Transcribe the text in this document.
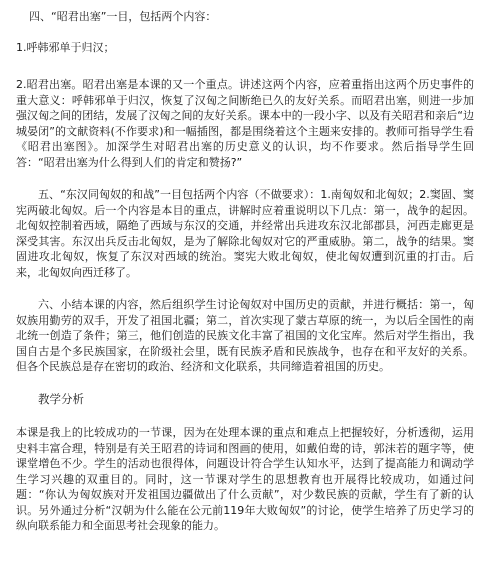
四、“昭君出塞”一目，包括两个内容：

1.呼韩邪单于归汉；

2.昭君出塞。昭君出塞是本课的又一个重点。讲述这两个内容，应着重指出这两个历史事件的重大意义：呼韩邪单于归汉，恢复了汉匈之间断绝已久的友好关系。而昭君出塞，则进一步加强汉匈之间的团结，发展了汉匈之间的友好关系。课本中的一段小字、以及有关昭君和亲后“边城晏闭”的文献资料(不作要求)和一幅插图，都是围绕着这个主题来安排的。教师可指导学生看《昭君出塞图》。加深学生对昭君出塞的历史意义的认识，均不作要求。然后指导学生回答：“昭君出塞为什么得到人们的肯定和赞扬?”

五、“东汉同匈奴的和战”一目包括两个内容（不做要求）：1.南匈奴和北匈奴；2.窦固、窦宪两破北匈奴。后一个内容是本目的重点，讲解时应着重说明以下几点：第一，战争的起因。北匈奴控制着西域，隔绝了西域与东汉的交通，并经常出兵进攻东汉北部郡县，河西走廊更是深受其害。东汉出兵反击北匈奴，是为了解除北匈奴对它的严重威胁。第二，战争的结果。窦固进攻北匈奴，恢复了东汉对西域的统治。窦宪大败北匈奴，使北匈奴遭到沉重的打击。后来，北匈奴向西迁移了。

六、小结本课的内容，然后组织学生讨论匈奴对中国历史的贡献，并进行概括：第一，匈奴族用勤劳的双手，开发了祖国北疆；第二，首次实现了蒙古草原的统一，为以后全国性的南北统一创造了条件；第三，他们创造的民族文化丰富了祖国的文化宝库。然后对学生指出，我国自古是个多民族国家，在阶级社会里，既有民族矛盾和民族战争，也存在和平友好的关系。但各个民族总是存在密切的政治、经济和文化联系，共同缔造着祖国的历史。

教学分析

本课是我上的比较成功的一节课，因为在处理本课的重点和难点上把握较好，分析透彻，运用史料丰富合理，特别是有关王昭君的诗词和图画的使用，如戴伯鸯的诗，郭沫若的题字等，使课堂增色不少。学生的活动也很得体，问题设计符合学生认知水平，达到了提高能力和调动学生学习兴趣的双重目的。同时，这一节课对学生的思想教育也开展得比较成功，如通过问题：“你认为匈奴族对开发祖国边疆做出了什么贡献”，对少数民族的贡献，学生有了新的认识。另外通过分析“汉朝为什么能在公元前119年大败匈奴”的讨论，使学生培养了历史学习的纵向联系能力和全面思考社会现象的能力。
